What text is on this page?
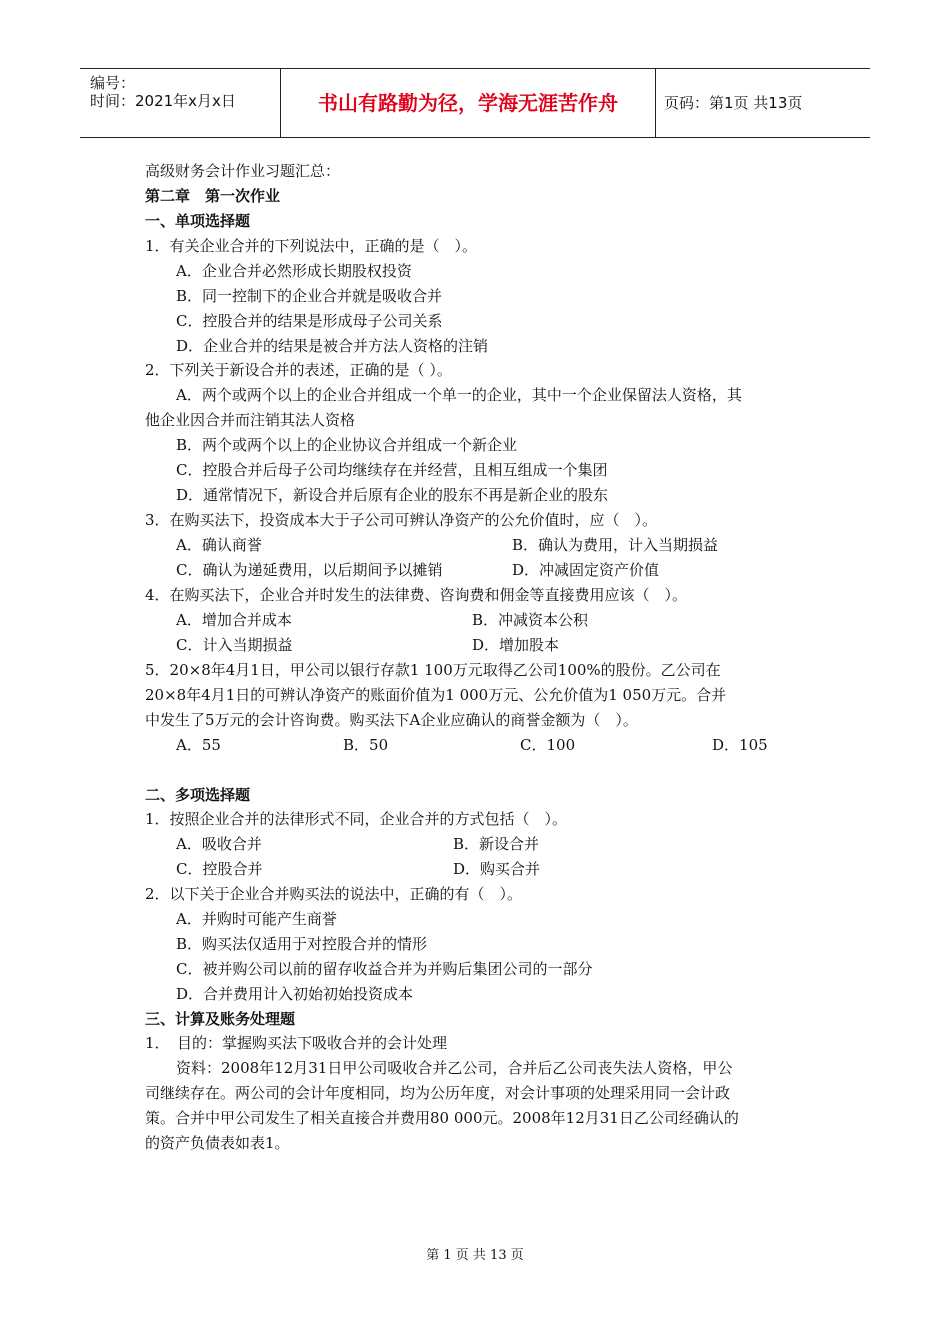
编号：
时间：2021年x月x日	书山有路勤为径，学海无涯苦作舟	页码：第1页 共13页
高级财务会计作业习题汇总：
第二章　第一次作业
一、单项选择题
1．有关企业合并的下列说法中，正确的是（　）。
A．企业合并必然形成长期股权投资
B．同一控制下的企业合并就是吸收合并
C．控股合并的结果是形成母子公司关系
D．企业合并的结果是被合并方法人资格的注销
2．下列关于新设合并的表述，正确的是（ ）。
A．两个或两个以上的企业合并组成一个单一的企业，其中一个企业保留法人资格，其
他企业因合并而注销其法人资格
B．两个或两个以上的企业协议合并组成一个新企业
C．控股合并后母子公司均继续存在并经营，且相互组成一个集团
D．通常情况下，新设合并后原有企业的股东不再是新企业的股东
3．在购买法下，投资成本大于子公司可辨认净资产的公允价值时，应（　）。
A．确认商誉	B．确认为费用，计入当期损益
C．确认为递延费用，以后期间予以摊销	D．冲减固定资产价值
4．在购买法下，企业合并时发生的法律费、咨询费和佣金等直接费用应该（　）。
A．增加合并成本	B．冲减资本公积
C．计入当期损益	D．增加股本
5．20×8年4月1日，甲公司以银行存款1 100万元取得乙公司100%的股份。乙公司在
20×8年4月1日的可辨认净资产的账面价值为1 000万元、公允价值为1 050万元。合并
中发生了5万元的会计咨询费。购买法下A企业应确认的商誉金额为（　）。
A．55	B．50	C．100	D．105
二、多项选择题
1．按照企业合并的法律形式不同，企业合并的方式包括（　）。
A．吸收合并	B．新设合并
C．控股合并	D．购买合并
2．以下关于企业合并购买法的说法中，正确的有（　）。
A．并购时可能产生商誉
B．购买法仅适用于对控股合并的情形
C．被并购公司以前的留存收益合并为并购后集团公司的一部分
D．合并费用计入初始初始投资成本
三、计算及账务处理题
1．　目的：掌握购买法下吸收合并的会计处理
资料：2008年12月31日甲公司吸收合并乙公司，合并后乙公司丧失法人资格，甲公
司继续存在。两公司的会计年度相同，均为公历年度，对会计事项的处理采用同一会计政
策。合并中甲公司发生了相关直接合并费用80 000元。2008年12月31日乙公司经确认的
的资产负债表如表1。
第 1 页 共 13 页
